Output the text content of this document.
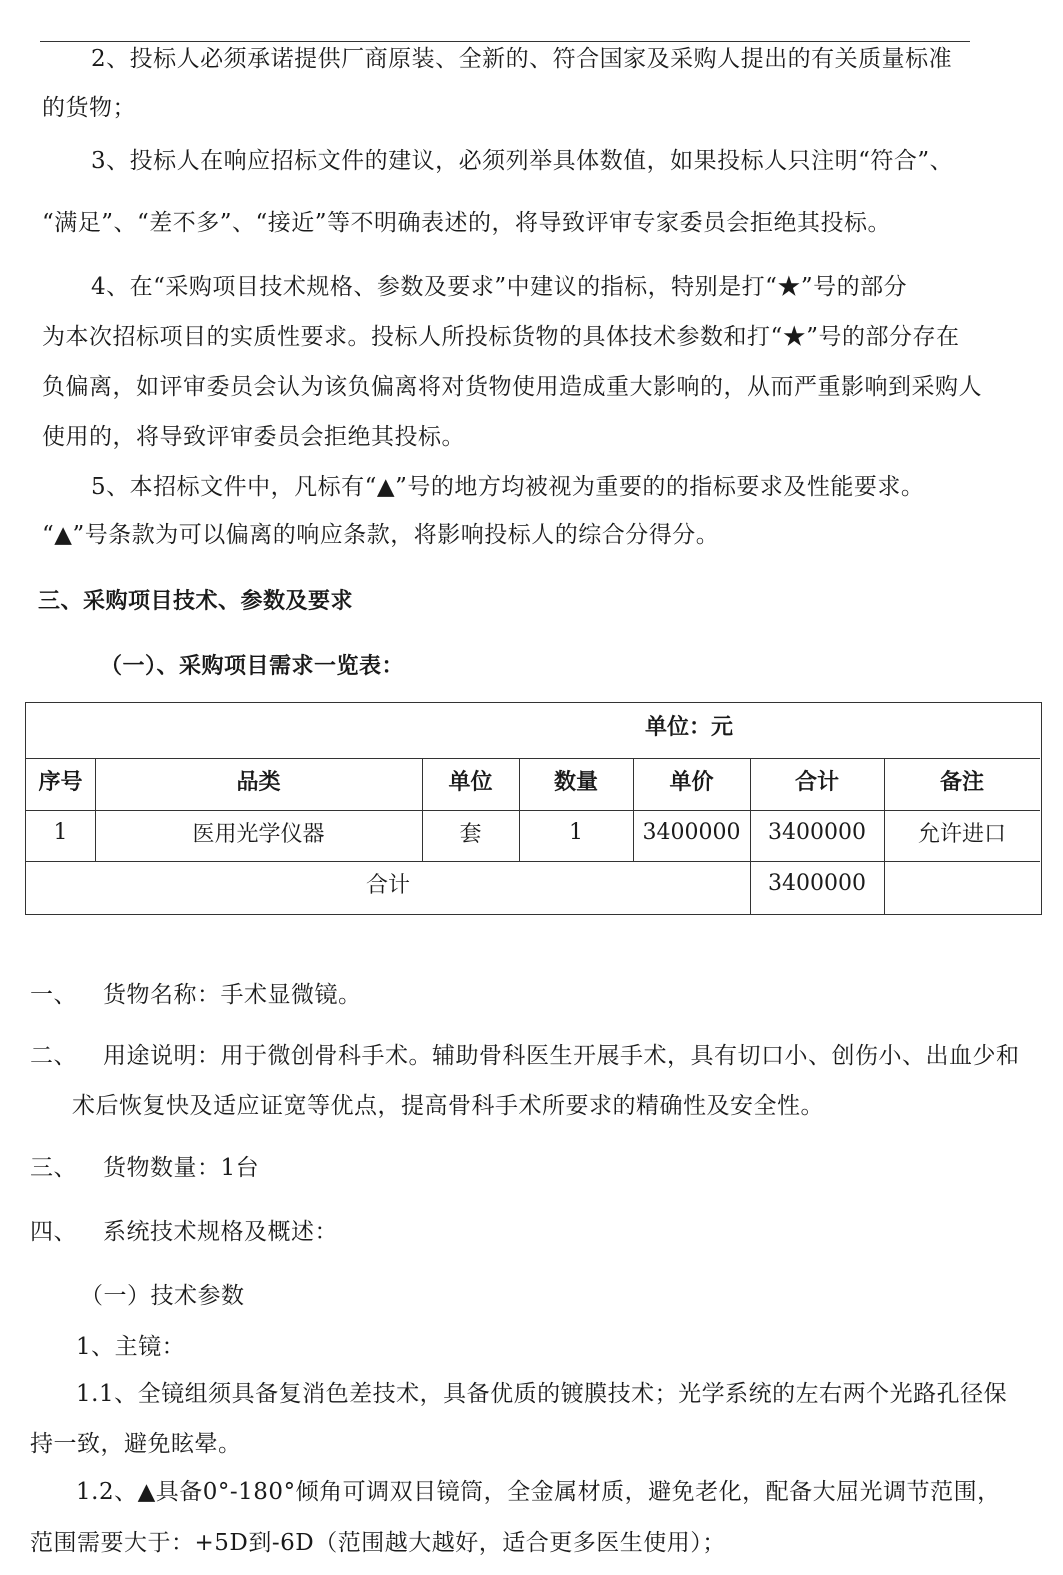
2、投标人必须承诺提供厂商原装、全新的、符合国家及采购人提出的有关质量标准
的货物；
3、投标人在响应招标文件的建议，必须列举具体数值，如果投标人只注明“符合”、
“满足”、“差不多”、“接近”等不明确表述的，将导致评审专家委员会拒绝其投标。
4、在“采购项目技术规格、参数及要求”中建议的指标，特别是打“★”号的部分
为本次招标项目的实质性要求。投标人所投标货物的具体技术参数和打“★”号的部分存在
负偏离，如评审委员会认为该负偏离将对货物使用造成重大影响的，从而严重影响到采购人
使用的，将导致评审委员会拒绝其投标。
5、本招标文件中，凡标有“▲”号的地方均被视为重要的的指标要求及性能要求。
“▲”号条款为可以偏离的响应条款，将影响投标人的综合分得分。
三、采购项目技术、参数及要求
（一）、采购项目需求一览表：
单位：元
序号	品类	单位	数量	单价	合计	备注
1	医用光学仪器	套	1	3400000	3400000	允许进口
合计	3400000
一、 货物名称：手术显微镜。
二、 用途说明：用于微创骨科手术。辅助骨科医生开展手术，具有切口小、创伤小、出血少和
术后恢复快及适应证宽等优点，提高骨科手术所要求的精确性及安全性。
三、 货物数量：1台
四、 系统技术规格及概述：
（一）技术参数
1、主镜：
1.1、全镜组须具备复消色差技术，具备优质的镀膜技术；光学系统的左右两个光路孔径保
持一致，避免眩晕。
1.2、▲具备0°-180°倾角可调双目镜筒，全金属材质，避免老化，配备大屈光调节范围，
范围需要大于：+5D到-6D（范围越大越好，适合更多医生使用）；
